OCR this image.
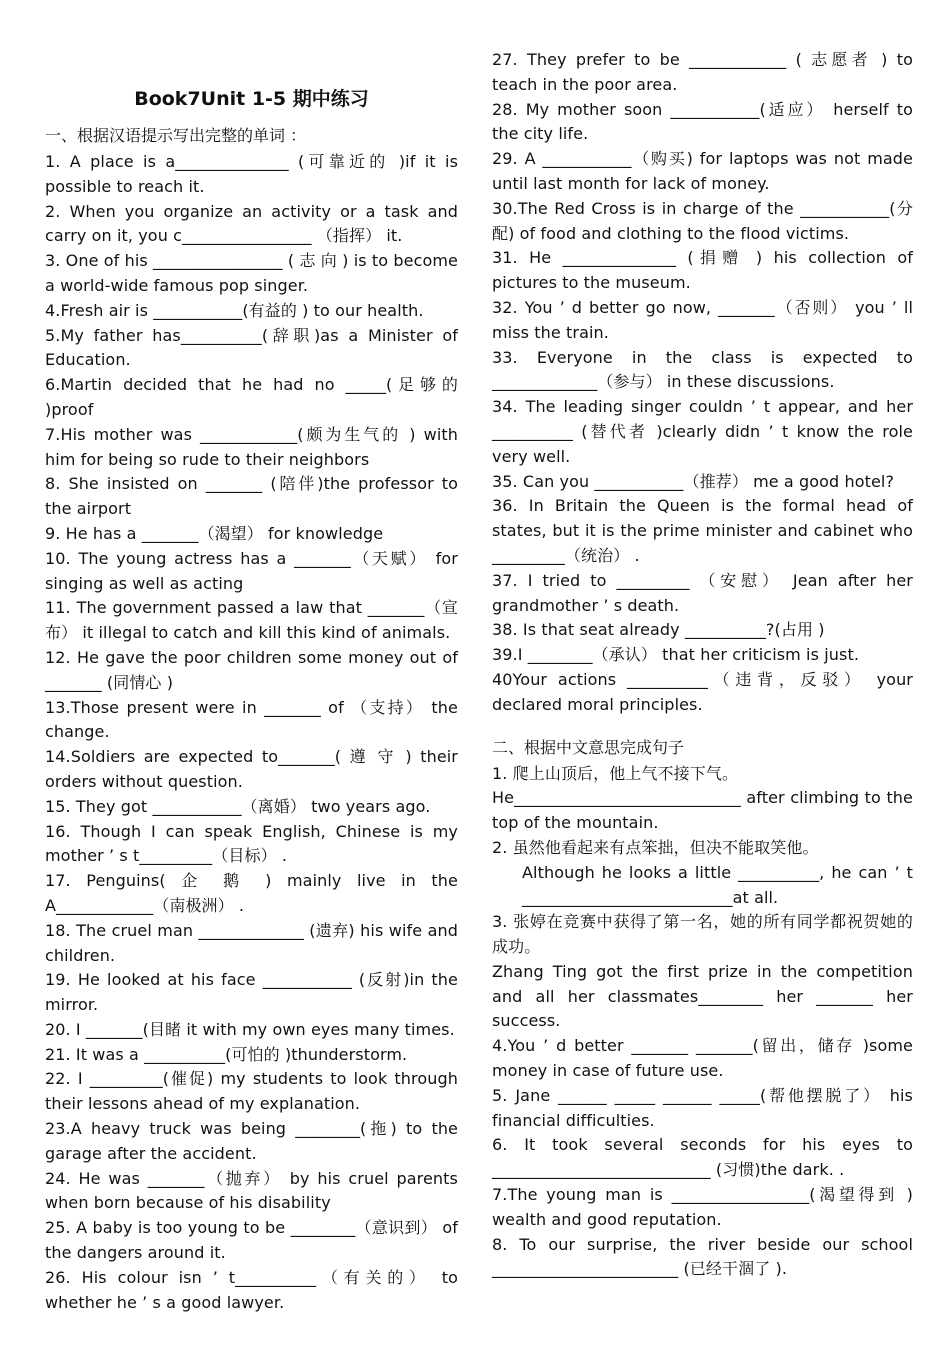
Book7Unit 1-5 期中练习
一、根据汉语提示写出完整的单词 ：

1. A place is a______________ (可靠近的 )if it is possible to reach it.

2. When you organize an activity or a task and carry on it, you c________________ （指挥） it.

3. One of his ________________ ( 志 向 ) is to become a world-wide famous pop singer.

4.Fresh air is ___________(有益的 ) to our health.

5.My father has__________(辞职)as a Minister of Education.

6.Martin decided that he had no _____(足够的 )proof

7.His mother was ____________(颇为生气的 ) with him for being so rude to their neighbors

8. She insisted on _______ (陪伴)the professor to the airport

9. He has a _______（渴望） for knowledge

10. The young actress has a _______（天赋） for singing as well as acting

11. The government passed a law that _______（宣布） it illegal to catch and kill this kind of animals.

12. He gave the poor children some money out of _______ (同情心 )

13.Those present were in _______ of （支持） the change.

14.Soldiers are expected to_______( 遵 守 ) their orders without question.

15. They got ___________（离婚） two years ago.

16. Though I can speak English, Chinese is my mother ’ s t_________（目标） .

17. Penguins( 企 鹅 ) mainly live in the A____________（南极洲） .

18. The cruel man _____________ (遗弃) his wife and children.

19. He looked at his face ___________ (反射)in the mirror.

20. I _______(目睹 it with my own eyes many times.

21. It was a __________(可怕的 )thunderstorm.

22. I _________(催促) my students to look through their lessons ahead of my explanation.

23.A heavy truck was being ________(拖) to the garage after the accident.

24. He was _______（抛弃） by his cruel parents when born because of his disability

25. A baby is too young to be ________（意识到） of the dangers around it.

26. His colour isn ’ t__________（有关的） to whether he ’ s a good lawyer.

27. They prefer to be ____________ ( 志愿者 ) to teach in the poor area.

28. My mother soon ___________(适应） herself to the city life.

29. A ___________（购买) for laptops was not made until last month for lack of money.

30.The Red Cross is in charge of the ___________(分配) of food and clothing to the flood victims.

31. He ______________ (捐赠 ) his collection of pictures to the museum.

32. You ’ d better go now, _______（否则） you ’ ll miss the train.

33. Everyone in the class is expected to _____________（参与） in these discussions.

34. The leading singer couldn ’ t appear, and her __________ (替代者 )clearly didn ’ t know the role very well.

35. Can you ___________（推荐） me a good hotel?

36. In Britain the Queen is the formal head of states, but it is the prime minister and cabinet who _________（统治） .

37. I tried to _________ （安慰） Jean after her grandmother ’ s death.

38. Is that seat already __________?(占用 )

39.I ________（承认） that her criticism is just.

40Your actions __________（违背，反驳） your declared moral principles.

二、根据中文意思完成句子

1. 爬上山顶后，他上气不接下气。

He____________________________ after climbing to the top of the mountain.

2. 虽然他看起来有点笨拙，但决不能取笑他。

Although he looks a little __________, he can ’ t __________________________at all.

3. 张婷在竞赛中获得了第一名，她的所有同学都祝贺她的成功。

Zhang Ting got the first prize in the competition and all her classmates________ her _______ her success.

4.You ’ d better _______ _______(留出，储存 )some money in case of future use.

5. Jane ______ _____ ______ _____(帮他摆脱了） his financial difficulties.

6. It took several seconds for his eyes to ___________________________ (习惯)the dark. .

7.The young man is _________________(渴望得到 ) wealth and good reputation.

8. To our surprise, the river beside our school _______________________ (已经干涸了 ).
